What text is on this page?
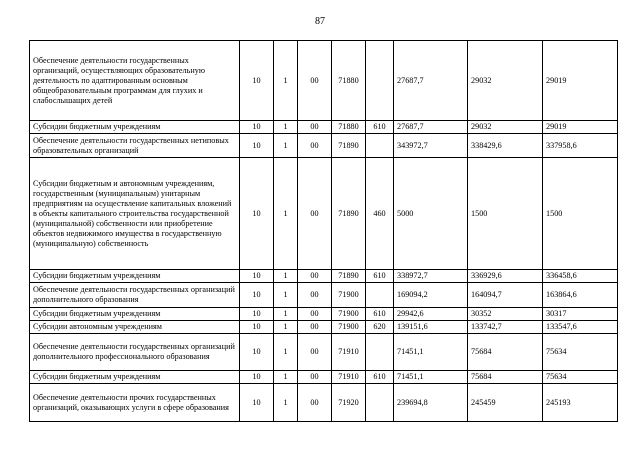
87
Обеспечение деятельности государственных организаций, осуществляющих образовательную деятельность по адаптированным основным общеобразовательным программам для глухих и слабослышащих детей	10	1	00	71880		27687,7	29032	29019
Субсидии бюджетным учреждениям	10	1	00	71880	610	27687,7	29032	29019
Обеспечение деятельности государственных нетиповых образовательных организаций	10	1	00	71890		343972,7	338429,6	337958,6
Субсидии бюджетным и автономным учреждениям, государственным (муниципальным) унитарным предприятиям на осуществление капитальных вложений в объекты капитального строительства государственной (муниципальной) собственности или приобретение объектов недвижимого имущества в государственную (муниципальную) собственность	10	1	00	71890	460	5000	1500	1500
Субсидии бюджетным учреждениям	10	1	00	71890	610	338972,7	336929,6	336458,6
Обеспечение деятельности государственных организаций дополнительного образования	10	1	00	71900		169094,2	164094,7	163864,6
Субсидии бюджетным учреждениям	10	1	00	71900	610	29942,6	30352	30317
Субсидии автономным учреждениям	10	1	00	71900	620	139151,6	133742,7	133547,6
Обеспечение деятельности государственных организаций дополнительного профессионального образования	10	1	00	71910		71451,1	75684	75634
Субсидии бюджетным учреждениям	10	1	00	71910	610	71451,1	75684	75634
Обеспечение деятельности прочих государственных организаций, оказывающих услуги в сфере образования	10	1	00	71920		239694,8	245459	245193
